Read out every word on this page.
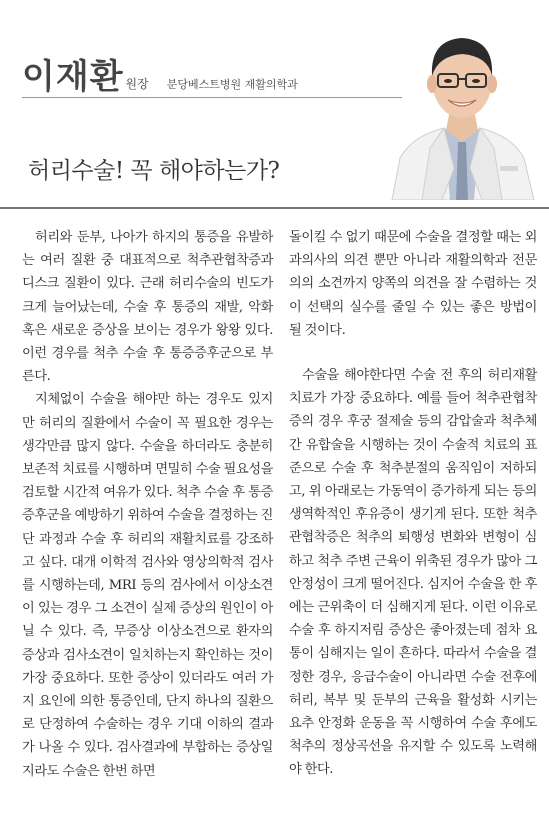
이재환 원장 분당베스트병원 재활의학과
허리수술! 꼭 해야하는가?

허리와 둔부, 나아가 하지의 통증을 유발하는 여러 질환 중 대표적으로 척추관협착증과 디스크 질환이 있다. 근래 허리수술의 빈도가 크게 늘어났는데, 수술 후 통증의 재발, 악화 혹은 새로운 증상을 보이는 경우가 왕왕 있다. 이런 경우를 척추 수술 후 통증증후군으로 부른다.

지체없이 수술을 해야만 하는 경우도 있지만 허리의 질환에서 수술이 꼭 필요한 경우는 생각만큼 많지 않다. 수술을 하더라도 충분히 보존적 치료를 시행하며 면밀히 수술 필요성을 검토할 시간적 여유가 있다. 척추 수술 후 통증증후군을 예방하기 위하여 수술을 결정하는 진단 과정과 수술 후 허리의 재활치료를 강조하고 싶다. 대개 이학적 검사와 영상의학적 검사를 시행하는데, MRI 등의 검사에서 이상소견이 있는 경우 그 소견이 실제 증상의 원인이 아닐 수 있다. 즉, 무증상 이상소견으로 환자의 증상과 검사소견이 일치하는지 확인하는 것이 가장 중요하다. 또한 증상이 있더라도 여러 가지 요인에 의한 통증인데, 단지 하나의 질환으로 단정하여 수술하는 경우 기대 이하의 결과가 나올 수 있다. 검사결과에 부합하는 증상일지라도 수술은 한번 하면

돌이킬 수 없기 때문에 수술을 결정할 때는 외과의사의 의견 뿐만 아니라 재활의학과 전문의의 소견까지 양쪽의 의견을 잘 수렴하는 것이 선택의 실수를 줄일 수 있는 좋은 방법이 될 것이다.

수술을 해야한다면 수술 전 후의 허리재활치료가 가장 중요하다. 예를 들어 척추관협착증의 경우 후궁 절제술 등의 감압술과 척추체간 유합술을 시행하는 것이 수술적 치료의 표준으로 수술 후 척추분절의 움직임이 저하되고, 위 아래로는 가동역이 증가하게 되는 등의 생역학적인 후유증이 생기게 된다. 또한 척추관협착증은 척추의 퇴행성 변화와 변형이 심하고 척추 주변 근육이 위축된 경우가 많아 그 안정성이 크게 떨어진다. 심지어 수술을 한 후에는 근위축이 더 심해지게 된다. 이런 이유로 수술 후 하지저림 증상은 좋아졌는데 점차 요통이 심해지는 일이 흔하다. 따라서 수술을 결정한 경우, 응급수술이 아니라면 수술 전후에 허리, 복부 및 둔부의 근육을 활성화 시키는 요추 안정화 운동을 꼭 시행하여 수술 후에도 척추의 정상곡선을 유지할 수 있도록 노력해야 한다.
